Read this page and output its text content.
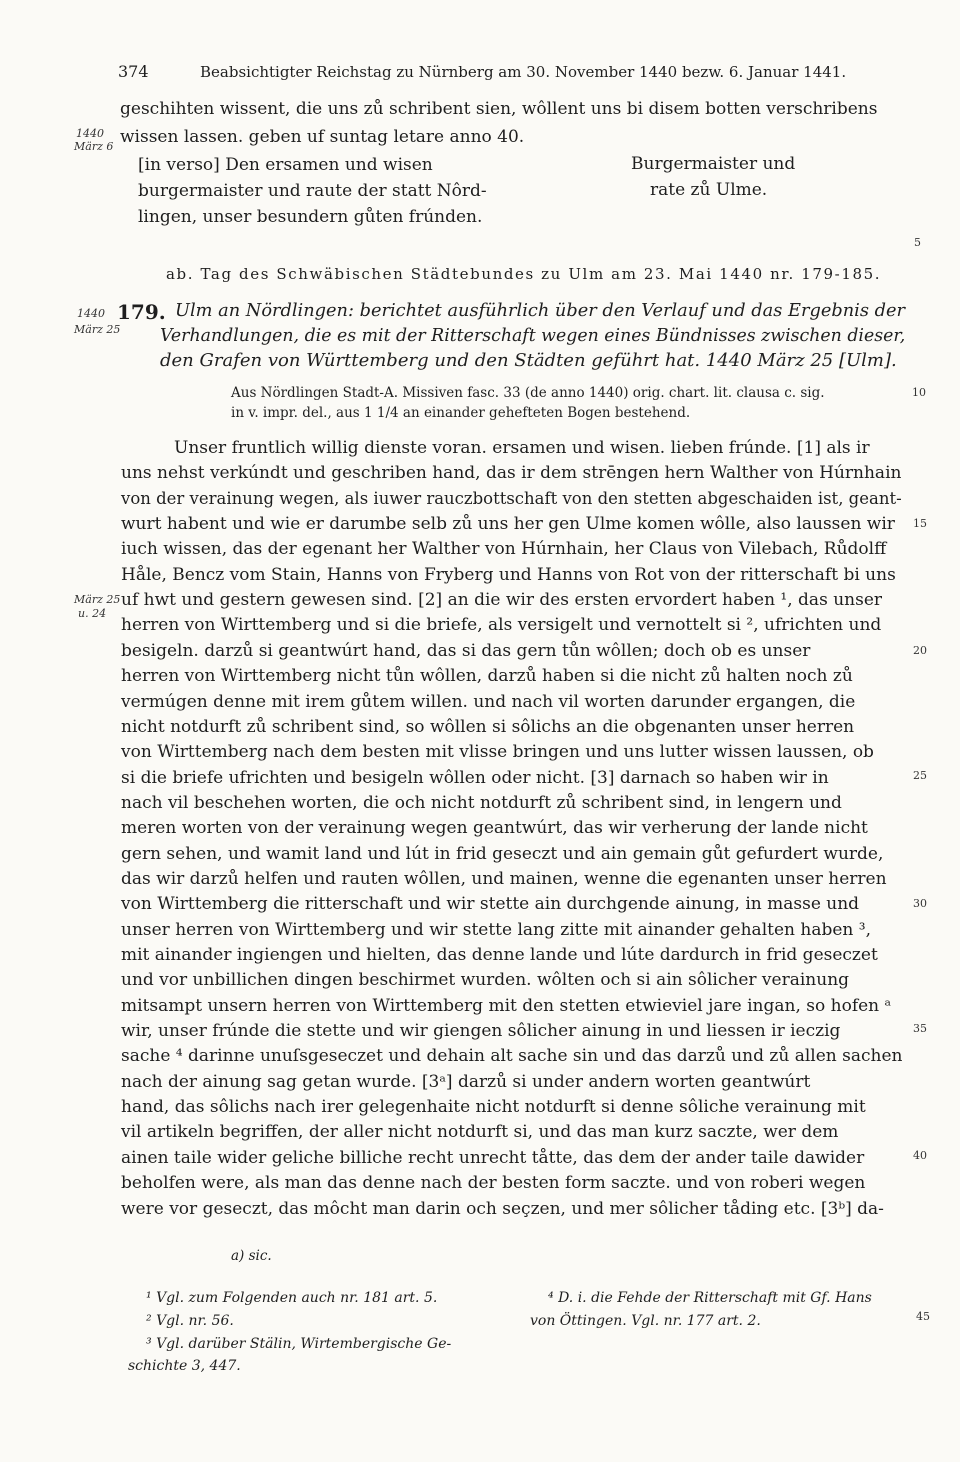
374	Beabsichtigter Reichstag zu Nürnberg am 30. November 1440 bezw. 6. Januar 1441.
geschihten wissent, die uns zů schribent sien, wôllent uns bi disem botten verschribens
1440
März 6 wissen lassen. geben uf suntag letare anno 40.
[in verso] Den ersamen und wisen
burgermaister und raute der statt Nôrd-
lingen, unser besundern gůten frúnden.
Burgermaister und
rate zů Ulme.
5
ab. Tag des Schwäbischen Städtebundes zu Ulm am 23. Mai 1440 nr. 179-185.
1440
März 25
179. Ulm an Nördlingen: berichtet ausführlich über den Verlauf und das Ergebnis der
Verhandlungen, die es mit der Ritterschaft wegen eines Bündnisses zwischen dieser,
den Grafen von Württemberg und den Städten geführt hat. 1440 März 25 [Ulm].
Aus Nördlingen Stadt-A. Missiven fasc. 33 (de anno 1440) orig. chart. lit. clausa c. sig.
in v. impr. del., aus 1 1/4 an einander gehefteten Bogen bestehend.
10
Unser fruntlich willig dienste voran. ersamen und wisen. lieben frúnde. [1] als ir
uns nehst verkúndt und geschriben hand, das ir dem strēngen hern Walther von Húrnhain
von der verainung wegen, als iuwer rauczbottschaft von den stetten abgeschaiden ist, geant-
wurt habent und wie er darumbe selb zů uns her gen Ulme komen wôlle, also laussen wir
iuch wissen, das der egenant her Walther von Húrnhain, her Claus von Vilebach, Růdolff
Håle, Bencz vom Stain, Hanns von Fryberg und Hanns von Rot von der ritterschaft bi uns
uf hwt und gestern gewesen sind. [2] an die wir des ersten ervordert haben ¹, das unser
herren von Wirttemberg und si die briefe, als versigelt und vernottelt si ², ufrichten und
besigeln. darzů si geantwúrt hand, das si das gern tůn wôllen; doch ob es unser
herren von Wirttemberg nicht tůn wôllen, darzů haben si die nicht zů halten noch zů
vermúgen denne mit irem gůtem willen. und nach vil worten darunder ergangen, die
nicht notdurft zů schribent sind, so wôllen si sôlichs an die obgenanten unser herren
von Wirttemberg nach dem besten mit vlisse bringen und uns lutter wissen laussen, ob
si die briefe ufrichten und besigeln wôllen oder nicht. [3] darnach so haben wir in
nach vil beschehen worten, die och nicht notdurft zů schribent sind, in lengern und
meren worten von der verainung wegen geantwúrt, das wir verherung der lande nicht
gern sehen, und wamit land und lút in frid geseczt und ain gemain gůt gefurdert wurde,
das wir darzů helfen und rauten wôllen, und mainen, wenne die egenanten unser herren
von Wirttemberg die ritterschaft und wir stette ain durchgende ainung, in masse und
unser herren von Wirttemberg und wir stette lang zitte mit ainander gehalten haben ³,
mit ainander ingiengen und hielten, das denne lande und lúte dardurch in frid geseczet
und vor unbillichen dingen beschirmet wurden. wôlten och si ain sôlicher verainung
mitsampt unsern herren von Wirttemberg mit den stetten etwieviel jare ingan, so hofen ᵃ
wir, unser frúnde die stette und wir giengen sôlicher ainung in und liessen ir ieczig
sache ⁴ darinne unuſsgeseczet und dehain alt sache sin und das darzů und zů allen sachen
nach der ainung sag getan wurde. [3ᵃ] darzů si under andern worten geantwúrt
hand, das sôlichs nach irer gelegenhaite nicht notdurft si denne sôliche verainung mit
vil artikeln begriffen, der aller nicht notdurft si, und das man kurz saczte, wer dem
ainen taile wider geliche billiche recht unrecht tåtte, das dem der ander taile dawider
beholfen were, als man das denne nach der besten form saczte. und von roberi wegen
were vor geseczt, das môcht man darin och seçzen, und mer sôlicher tåding etc. [3ᵇ] da-
März 25
u. 24
15
20
25
30
35
40
a) sic.
¹ Vgl. zum Folgenden auch nr. 181 art. 5.
² Vgl. nr. 56.
³ Vgl. darüber Stälin, Wirtembergische Ge-
schichte 3, 447.
⁴ D. i. die Fehde der Ritterschaft mit Gf. Hans
von Öttingen. Vgl. nr. 177 art. 2.	45
